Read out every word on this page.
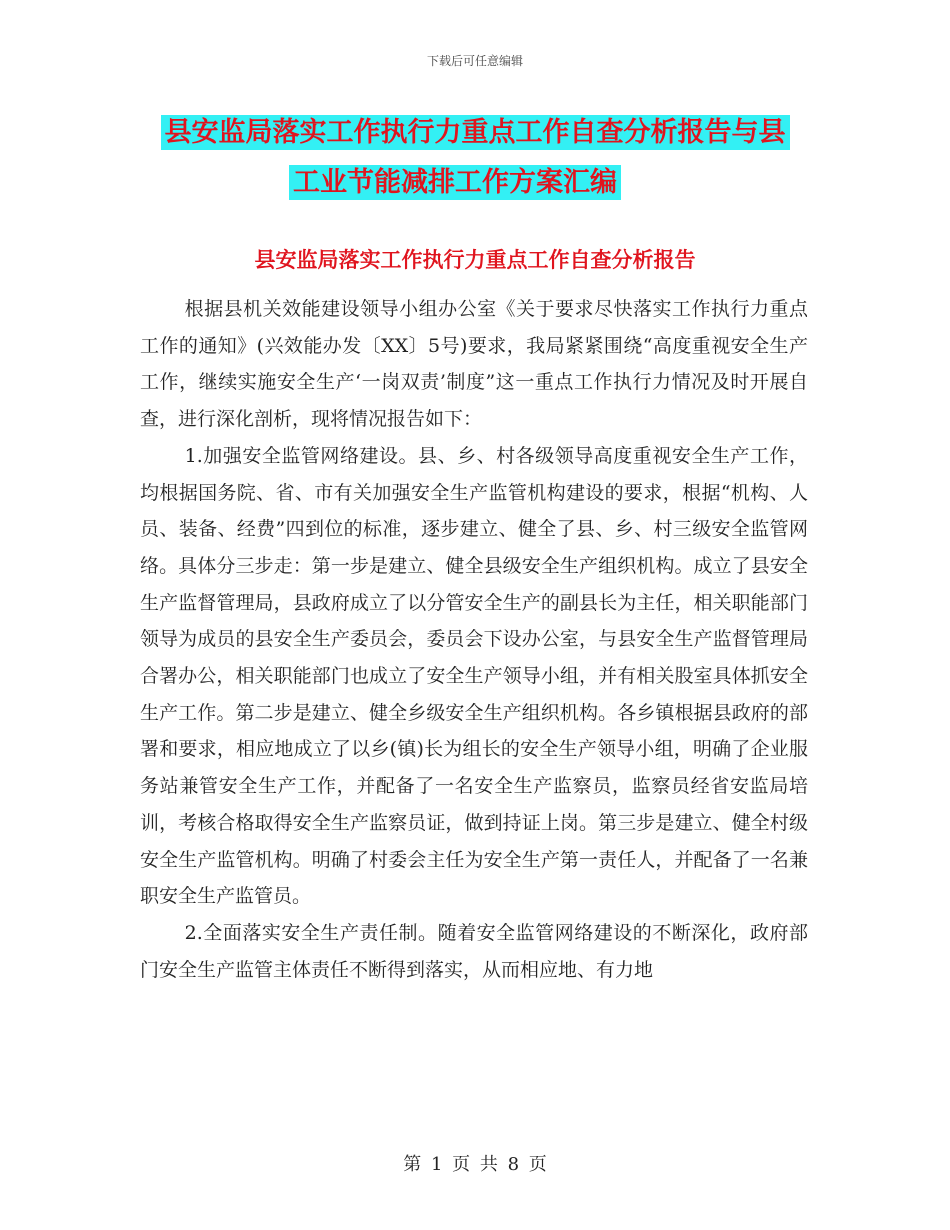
下载后可任意编辑
县安监局落实工作执行力重点工作自查分析报告与县
工业节能减排工作方案汇编
县安监局落实工作执行力重点工作自查分析报告

根据县机关效能建设领导小组办公室《关于要求尽快落实工作执行力重点工作的通知》(兴效能办发〔XX〕5号)要求，我局紧紧围绕“高度重视安全生产工作，继续实施安全生产‘一岗双责’制度”这一重点工作执行力情况及时开展自查，进行深化剖析，现将情况报告如下：

1.加强安全监管网络建设。县、乡、村各级领导高度重视安全生产工作，均根据国务院、省、市有关加强安全生产监管机构建设的要求，根据“机构、人员、装备、经费”四到位的标准，逐步建立、健全了县、乡、村三级安全监管网络。具体分三步走：第一步是建立、健全县级安全生产组织机构。成立了县安全生产监督管理局，县政府成立了以分管安全生产的副县长为主任，相关职能部门领导为成员的县安全生产委员会，委员会下设办公室，与县安全生产监督管理局合署办公，相关职能部门也成立了安全生产领导小组，并有相关股室具体抓安全生产工作。第二步是建立、健全乡级安全生产组织机构。各乡镇根据县政府的部署和要求，相应地成立了以乡(镇)长为组长的安全生产领导小组，明确了企业服务站兼管安全生产工作，并配备了一名安全生产监察员，监察员经省安监局培训，考核合格取得安全生产监察员证，做到持证上岗。第三步是建立、健全村级安全生产监管机构。明确了村委会主任为安全生产第一责任人，并配备了一名兼职安全生产监管员。

2.全面落实安全生产责任制。随着安全监管网络建设的不断深化，政府部门安全生产监管主体责任不断得到落实，从而相应地、有力地

第 1 页 共 8 页
